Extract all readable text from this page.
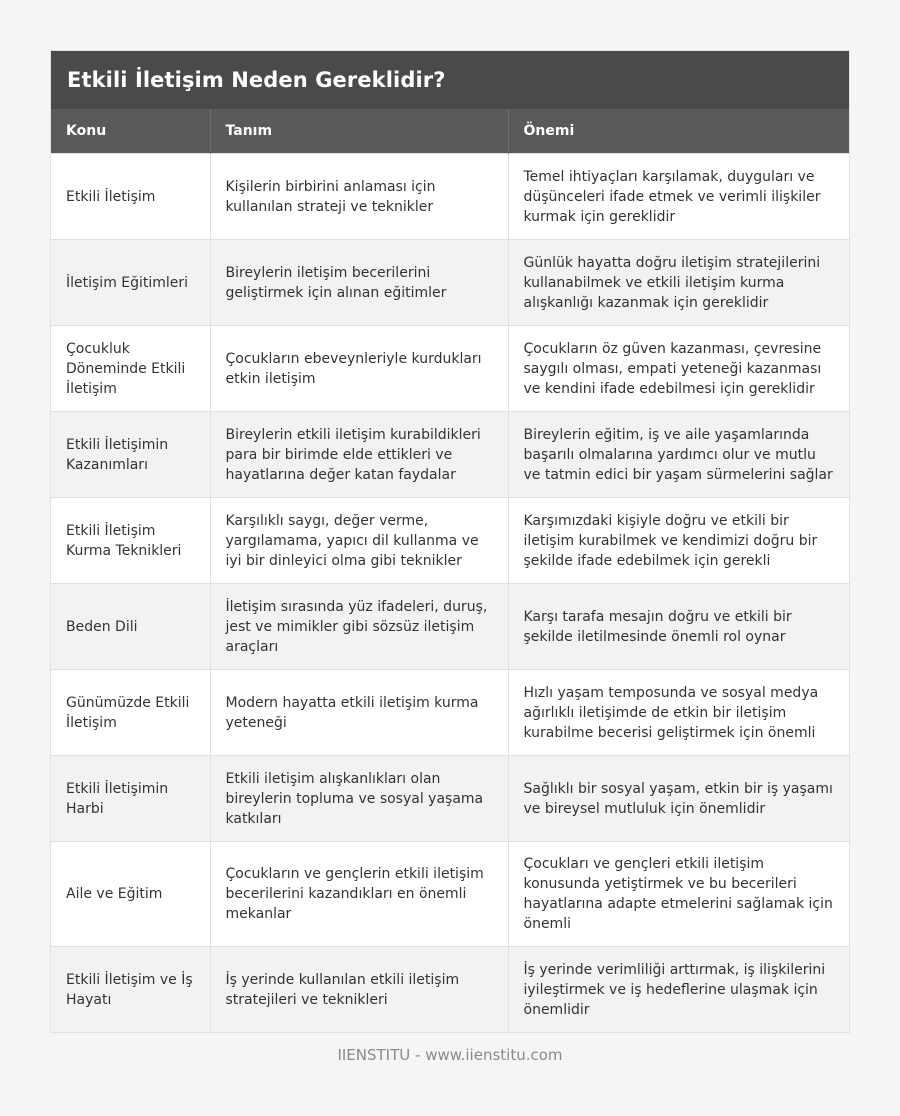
Etkili İletişim Neden Gereklidir?
Konu	Tanım	Önemi
Etkili İletişim	Kişilerin birbirini anlaması için kullanılan strateji ve teknikler	Temel ihtiyaçları karşılamak, duyguları ve düşünceleri ifade etmek ve verimli ilişkiler kurmak için gereklidir
İletişim Eğitimleri	Bireylerin iletişim becerilerini geliştirmek için alınan eğitimler	Günlük hayatta doğru iletişim stratejilerini kullanabilmek ve etkili iletişim kurma alışkanlığı kazanmak için gereklidir
Çocukluk Döneminde Etkili İletişim	Çocukların ebeveynleriyle kurdukları etkin iletişim	Çocukların öz güven kazanması, çevresine saygılı olması, empati yeteneği kazanması ve kendini ifade edebilmesi için gereklidir
Etkili İletişimin Kazanımları	Bireylerin etkili iletişim kurabildikleri para bir birimde elde ettikleri ve hayatlarına değer katan faydalar	Bireylerin eğitim, iş ve aile yaşamlarında başarılı olmalarına yardımcı olur ve mutlu ve tatmin edici bir yaşam sürmelerini sağlar
Etkili İletişim Kurma Teknikleri	Karşılıklı saygı, değer verme, yargılamama, yapıcı dil kullanma ve iyi bir dinleyici olma gibi teknikler	Karşımızdaki kişiyle doğru ve etkili bir iletişim kurabilmek ve kendimizi doğru bir şekilde ifade edebilmek için gerekli
Beden Dili	İletişim sırasında yüz ifadeleri, duruş, jest ve mimikler gibi sözsüz iletişim araçları	Karşı tarafa mesajın doğru ve etkili bir şekilde iletilmesinde önemli rol oynar
Günümüzde Etkili İletişim	Modern hayatta etkili iletişim kurma yeteneği	Hızlı yaşam temposunda ve sosyal medya ağırlıklı iletişimde de etkin bir iletişim kurabilme becerisi geliştirmek için önemli
Etkili İletişimin Harbi	Etkili iletişim alışkanlıkları olan bireylerin topluma ve sosyal yaşama katkıları	Sağlıklı bir sosyal yaşam, etkin bir iş yaşamı ve bireysel mutluluk için önemlidir
Aile ve Eğitim	Çocukların ve gençlerin etkili iletişim becerilerini kazandıkları en önemli mekanlar	Çocukları ve gençleri etkili iletişim konusunda yetiştirmek ve bu becerileri hayatlarına adapte etmelerini sağlamak için önemli
Etkili İletişim ve İş Hayatı	İş yerinde kullanılan etkili iletişim stratejileri ve teknikleri	İş yerinde verimliliği arttırmak, iş ilişkilerini iyileştirmek ve iş hedeflerine ulaşmak için önemlidir
IIENSTITU - www.iienstitu.com
